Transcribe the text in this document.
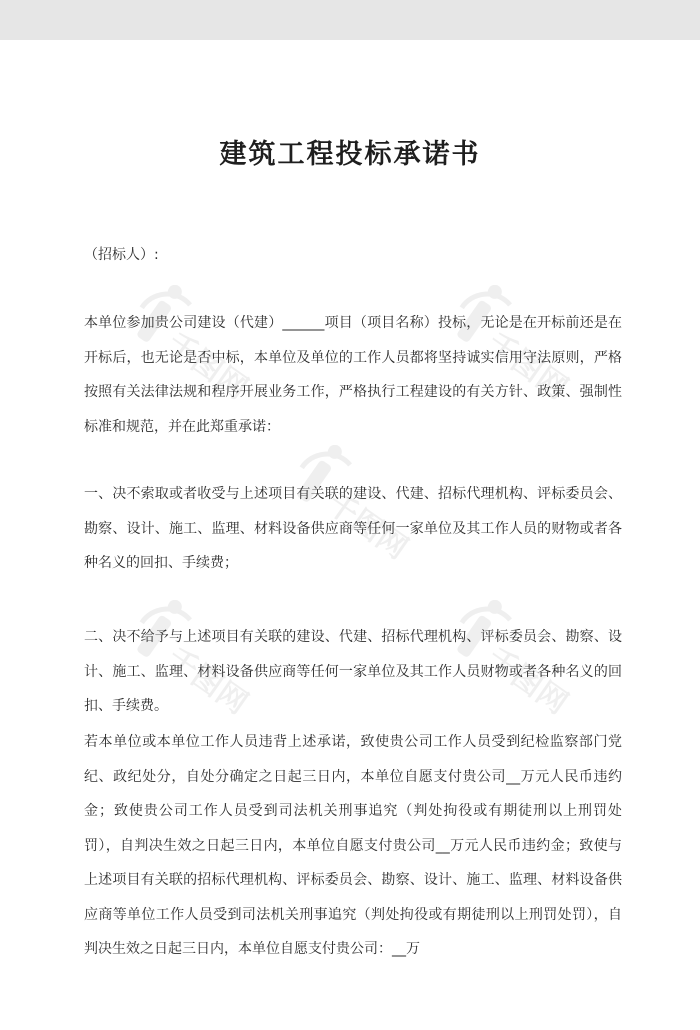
建筑工程投标承诺书

（招标人）:

本单位参加贵公司建设（代建）______项目（项目名称）投标，无论是在开标前还是在开标后，也无论是否中标，本单位及单位的工作人员都将坚持诚实信用守法原则，严格按照有关法律法规和程序开展业务工作，严格执行工程建设的有关方针、政策、强制性标准和规范，并在此郑重承诺：

一、决不索取或者收受与上述项目有关联的建设、代建、招标代理机构、评标委员会、勘察、设计、施工、监理、材料设备供应商等任何一家单位及其工作人员的财物或者各种名义的回扣、手续费；

二、决不给予与上述项目有关联的建设、代建、招标代理机构、评标委员会、勘察、设计、施工、监理、材料设备供应商等任何一家单位及其工作人员财物或者各种名义的回扣、手续费。

若本单位或本单位工作人员违背上述承诺，致使贵公司工作人员受到纪检监察部门党纪、政纪处分，自处分确定之日起三日内，本单位自愿支付贵公司__万元人民币违约金；致使贵公司工作人员受到司法机关刑事追究（判处拘役或有期徒刑以上刑罚处罚），自判决生效之日起三日内，本单位自愿支付贵公司__万元人民币违约金；致使与上述项目有关联的招标代理机构、评标委员会、勘察、设计、施工、监理、材料设备供应商等单位工作人员受到司法机关刑事追究（判处拘役或有期徒刑以上刑罚处罚），自判决生效之日起三日内，本单位自愿支付贵公司：__万
